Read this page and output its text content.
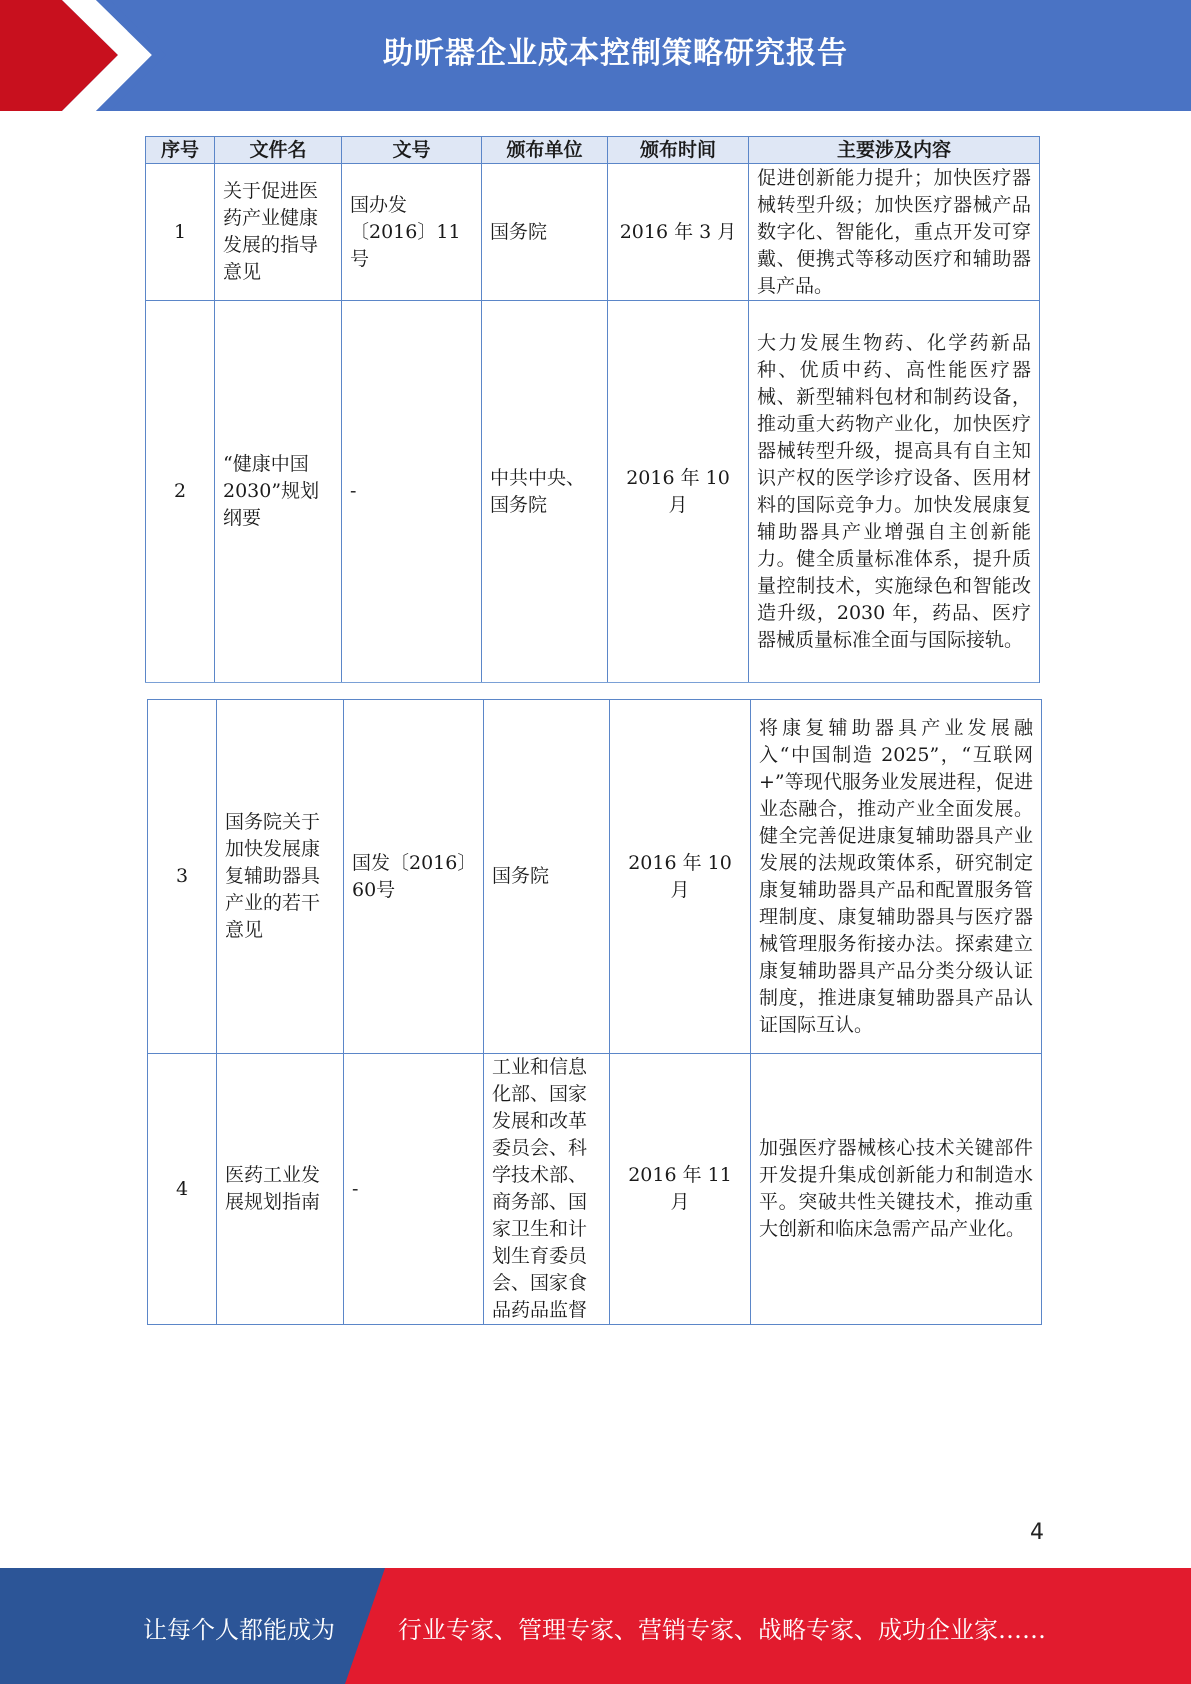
助听器企业成本控制策略研究报告
序号	文件名	文号	颁布单位	颁布时间	主要涉及内容
1	关于促进医药产业健康发展的指导意见	国办发〔2016〕11号	国务院	2016 年 3 月	促进创新能力提升；加快医疗器械转型升级；加快医疗器械产品数字化、智能化，重点开发可穿戴、便携式等移动医疗和辅助器具产品。
2	“健康中国2030”规划纲要	-	中共中央、国务院	2016 年 10 月	大力发展生物药、化学药新品种、优质中药、高性能医疗器械、新型辅料包材和制药设备，推动重大药物产业化，加快医疗器械转型升级，提高具有自主知识产权的医学诊疗设备、医用材料的国际竞争力。加快发展康复辅助器具产业增强自主创新能力。健全质量标准体系，提升质量控制技术，实施绿色和智能改造升级，2030 年，药品、医疗器械质量标准全面与国际接轨。
3	国务院关于加快发展康复辅助器具产业的若干意见	国发〔2016〕60号	国务院	2016 年 10 月	将康复辅助器具产业发展融入“中国制造 2025”，“互联网+”等现代服务业发展进程，促进业态融合，推动产业全面发展。健全完善促进康复辅助器具产业发展的法规政策体系，研究制定康复辅助器具产品和配置服务管理制度、康复辅助器具与医疗器械管理服务衔接办法。探索建立康复辅助器具产品分类分级认证制度，推进康复辅助器具产品认证国际互认。
4	医药工业发展规划指南	-	工业和信息化部、国家发展和改革委员会、科学技术部、商务部、国家卫生和计划生育委员会、国家食品药品监督	2016 年 11 月	加强医疗器械核心技术关键部件开发提升集成创新能力和制造水平。突破共性关键技术，推动重大创新和临床急需产品产业化。
4
让每个人都能成为	行业专家、管理专家、营销专家、战略专家、成功企业家……
